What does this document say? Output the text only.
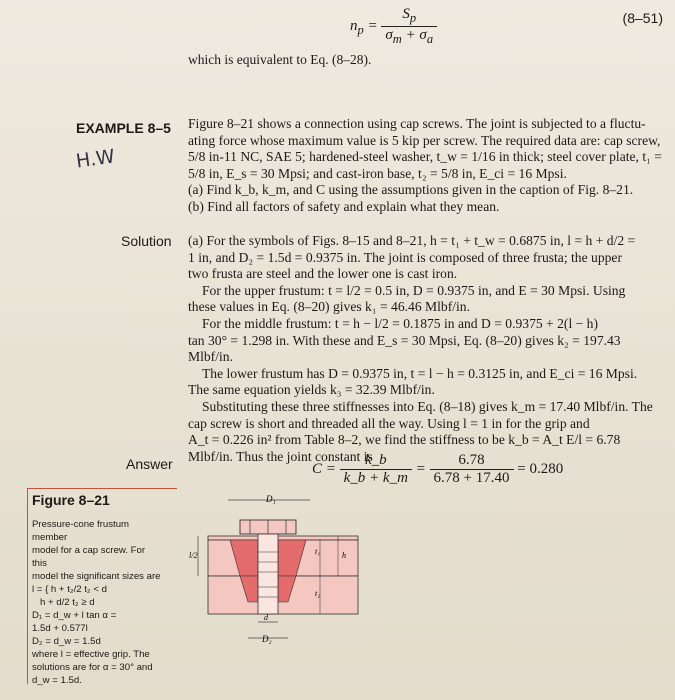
$n_p = \frac{S_p}{\sigma_m + \sigma_a}$	(8–51)
which is equivalent to Eq. (8–28).
EXAMPLE 8–5
H.W
Figure 8–21 shows a connection using cap screws. The joint is subjected to a fluctu-
ating force whose maximum value is 5 kip per screw. The required data are: cap screw,
5/8 in-11 NC, SAE 5; hardened-steel washer, t_w = 1/16 in thick; steel cover plate, t₁ =
5/8 in, E_s = 30 Mpsi; and cast-iron base, t₂ = 5/8 in, E_ci = 16 Mpsi.
(a) Find k_b, k_m, and C using the assumptions given in the caption of Fig. 8–21.
(b) Find all factors of safety and explain what they mean.
Solution (a) For the symbols of Figs. 8–15 and 8–21, h = t₁ + t_w = 0.6875 in, l = h + d/2 =
1 in, and D₂ = 1.5d = 0.9375 in. The joint is composed of three frusta; the upper
two frusta are steel and the lower one is cast iron.
For the upper frustum: t = l/2 = 0.5 in, D = 0.9375 in, and E = 30 Mpsi. Using
these values in Eq. (8–20) gives k₁ = 46.46 Mlbf/in.
For the middle frustum: t = h − l/2 = 0.1875 in and D = 0.9375 + 2(l − h)
tan 30° = 1.298 in. With these and E_s = 30 Mpsi, Eq. (8–20) gives k₂ = 197.43 Mlbf/in.
The lower frustum has D = 0.9375 in, t = l − h = 0.3125 in, and E_ci = 16 Mpsi.
The same equation yields k₃ = 32.39 Mlbf/in.
Substituting these three stiffnesses into Eq. (8–18) gives k_m = 17.40 Mlbf/in. The
cap screw is short and threaded all the way. Using l = 1 in for the grip and
A_t = 0.226 in² from Table 8–2, we find the stiffness to be k_b = A_t E/l = 6.78
Mlbf/in. Thus the joint constant is
Answer	$C = \frac{k\_b}{k\_b + k\_m} = \frac{6.78}{6.78 + 17.40} = 0.280$
Figure 8–21
Pressure-cone frustum member
model for a cap screw. For this
model the significant sizes are
l = { h + t₂/2 t₂ < d
h + d/2 t₂ ≥ d
D₁ = d_w + l tan α =
1.5d + 0.577l
D₂ = d_w = 1.5d
where l = effective grip. The
solutions are for α = 30° and
d_w = 1.5d.
D₁
l/2	t₁	h
t₂
d
D₂
